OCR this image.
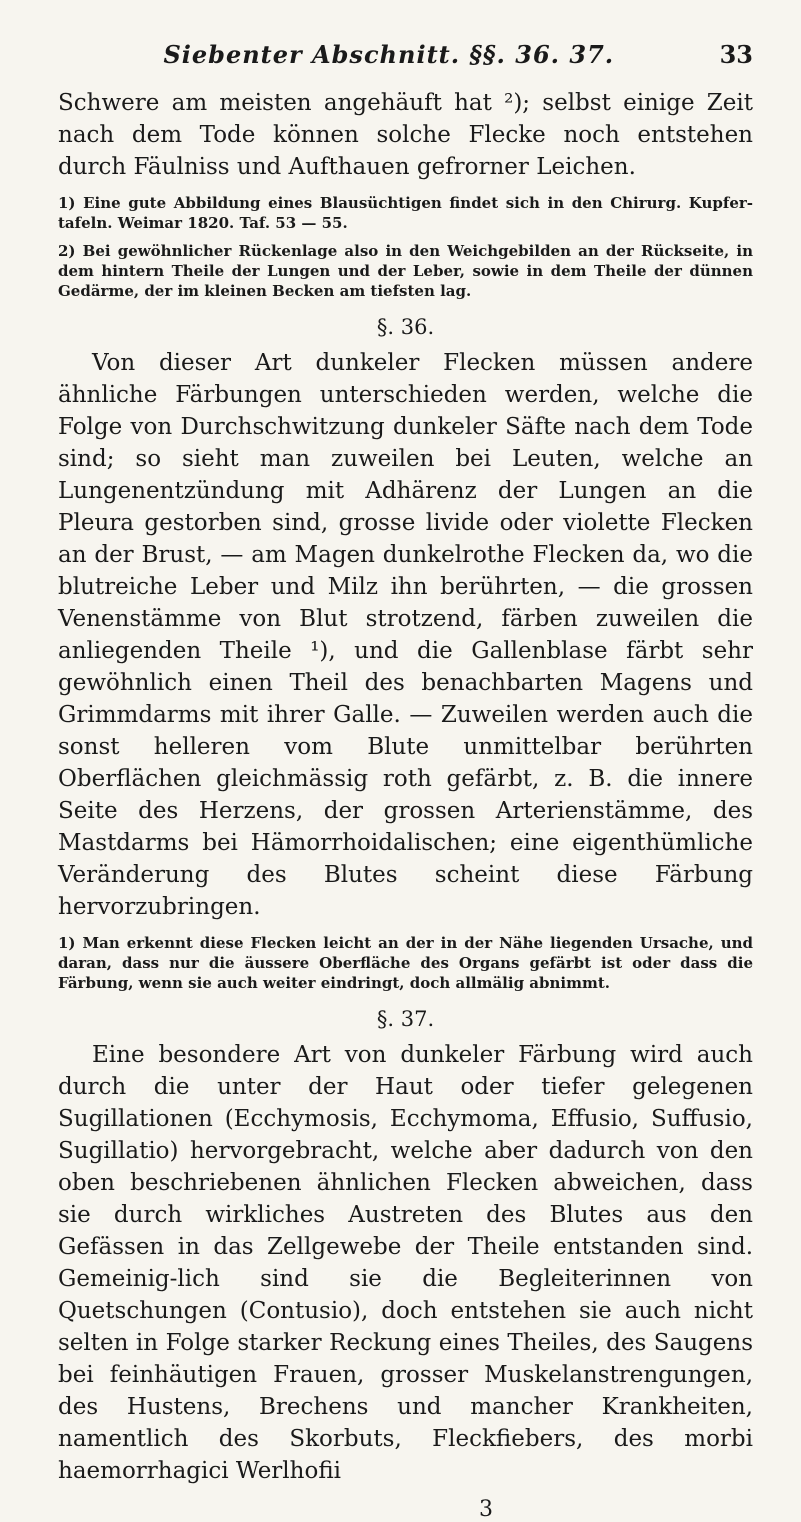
Siebenter Abschnitt. §§. 36. 37.	33

Schwere am meisten angehäuft hat ²); selbst einige Zeit nach dem Tode können solche Flecke noch entstehen durch Fäulniss und Aufthauen gefrorner Leichen.

1) Eine gute Abbildung eines Blausüchtigen findet sich in den Chirurg. Kupfer-tafeln. Weimar 1820. Taf. 53 — 55.

2) Bei gewöhnlicher Rückenlage also in den Weichgebilden an der Rückseite, in dem hintern Theile der Lungen und der Leber, sowie in dem Theile der dünnen Gedärme, der im kleinen Becken am tiefsten lag.

§. 36.

Von dieser Art dunkeler Flecken müssen andere ähnliche Färbungen unterschieden werden, welche die Folge von Durchschwitzung dunkeler Säfte nach dem Tode sind; so sieht man zuweilen bei Leuten, welche an Lungenentzündung mit Adhärenz der Lungen an die Pleura gestorben sind, grosse livide oder violette Flecken an der Brust, — am Magen dunkelrothe Flecken da, wo die blutreiche Leber und Milz ihn berührten, — die grossen Venenstämme von Blut strotzend, färben zuweilen die anliegenden Theile ¹), und die Gallenblase färbt sehr gewöhnlich einen Theil des benachbarten Magens und Grimmdarms mit ihrer Galle. — Zuweilen werden auch die sonst helleren vom Blute unmittelbar berührten Oberflächen gleichmässig roth gefärbt, z. B. die innere Seite des Herzens, der grossen Arterienstämme, des Mastdarms bei Hämorrhoidalischen; eine eigenthümliche Veränderung des Blutes scheint diese Färbung hervorzubringen.

1) Man erkennt diese Flecken leicht an der in der Nähe liegenden Ursache, und daran, dass nur die äussere Oberfläche des Organs gefärbt ist oder dass die Färbung, wenn sie auch weiter eindringt, doch allmälig abnimmt.

§. 37.

Eine besondere Art von dunkeler Färbung wird auch durch die unter der Haut oder tiefer gelegenen Sugillationen (Ecchymosis, Ecchymoma, Effusio, Suffusio, Sugillatio) hervorgebracht, welche aber dadurch von den oben beschriebenen ähnlichen Flecken abweichen, dass sie durch wirkliches Austreten des Blutes aus den Gefässen in das Zellgewebe der Theile entstanden sind. Gemeinig-lich sind sie die Begleiterinnen von Quetschungen (Contusio), doch entstehen sie auch nicht selten in Folge starker Reckung eines Theiles, des Saugens bei feinhäutigen Frauen, grosser Muskelanstrengungen, des Hustens, Brechens und mancher Krankheiten, namentlich des Skorbuts, Fleckfiebers, des morbi haemorrhagici Werlhofii

3
